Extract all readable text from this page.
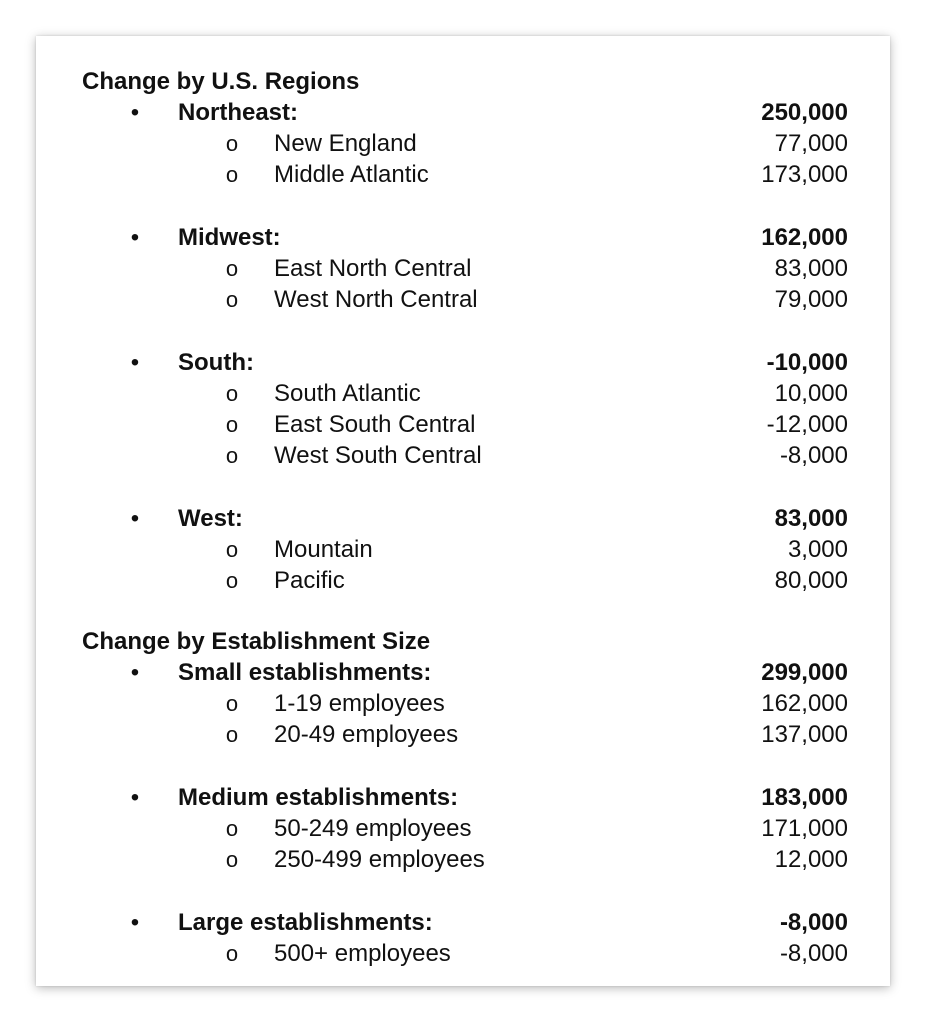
Change by U.S. Regions
• Northeast:	250,000
o New England	77,000
o Middle Atlantic	173,000
• Midwest:	162,000
o East North Central	83,000
o West North Central	79,000
• South:	-10,000
o South Atlantic	10,000
o East South Central	-12,000
o West South Central	-8,000
• West:	83,000
o Mountain	3,000
o Pacific	80,000
Change by Establishment Size
• Small establishments:	299,000
o 1-19 employees	162,000
o 20-49 employees	137,000
• Medium establishments:	183,000
o 50-249 employees	171,000
o 250-499 employees	12,000
• Large establishments:	-8,000
o 500+ employees	-8,000
